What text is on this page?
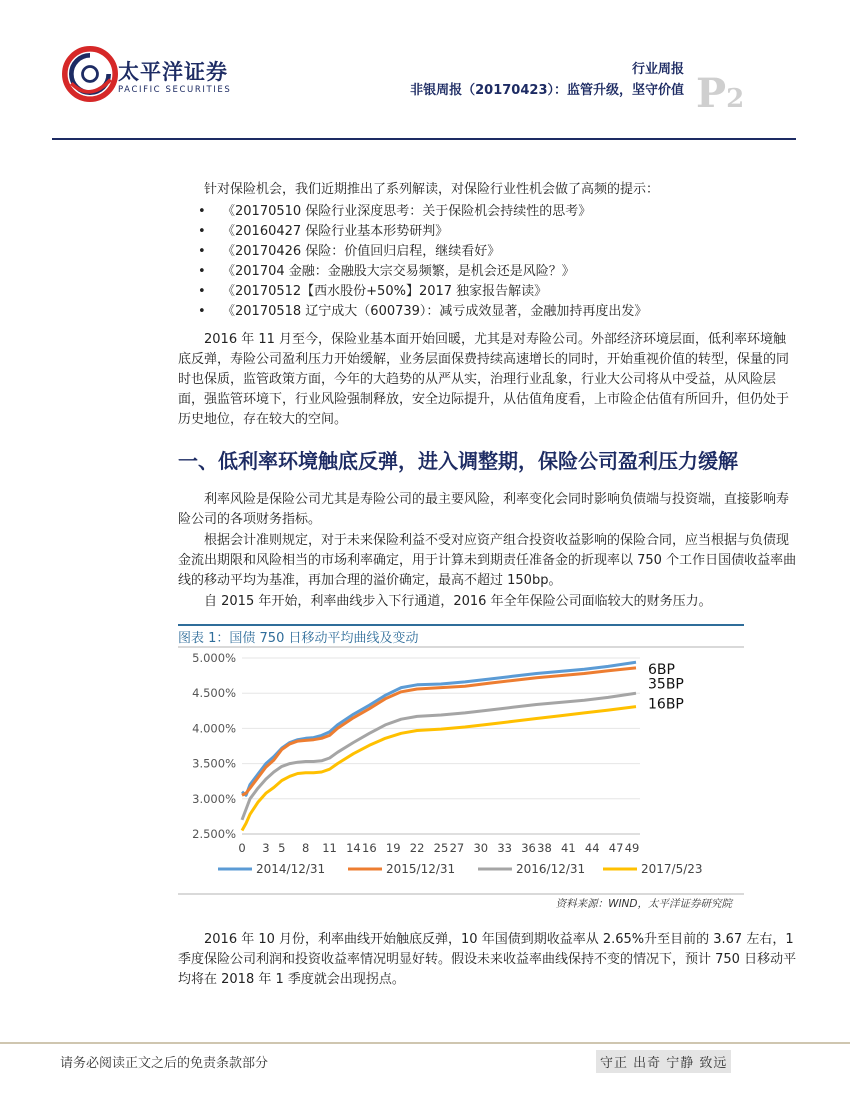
太平洋证券
PACIFIC SECURITIES
行业周报
非银周报（20170423）：监管升级，坚守价值 P2

针对保险机会，我们近期推出了系列解读，对保险行业性机会做了高频的提示：

• 《20170510 保险行业深度思考：关于保险机会持续性的思考》
• 《20160427 保险行业基本形势研判》
• 《20170426 保险：价值回归启程，继续看好》
• 《201704 金融：金融股大宗交易频繁，是机会还是风险？》
• 《20170512【西水股份+50%】2017 独家报告解读》
• 《20170518 辽宁成大（600739）：减亏成效显著，金融加持再度出发》

2016 年 11 月至今，保险业基本面开始回暖，尤其是对寿险公司。外部经济环境层面，低利率环境触底反弹，寿险公司盈利压力开始缓解，业务层面保费持续高速增长的同时，开始重视价值的转型，保量的同时也保质，监管政策方面，今年的大趋势的从严从实，治理行业乱象，行业大公司将从中受益，从风险层面，强监管环境下，行业风险强制释放，安全边际提升，从估值角度看，上市险企估值有所回升，但仍处于历史地位，存在较大的空间。

一、低利率环境触底反弹，进入调整期，保险公司盈利压力缓解

利率风险是保险公司尤其是寿险公司的最主要风险，利率变化会同时影响负债端与投资端，直接影响寿险公司的各项财务指标。

根据会计准则规定，对于未来保险利益不受对应资产组合投资收益影响的保险合同，应当根据与负债现金流出期限和风险相当的市场利率确定，用于计算未到期责任准备金的折现率以 750 个工作日国债收益率曲线的移动平均为基准，再加合理的溢价确定，最高不超过 150bp。

自 2015 年开始，利率曲线步入下行通道，2016 年全年保险公司面临较大的财务压力。

图表 1：国债 750 日移动平均曲线及变动
2.500%
3.000%
3.500%
4.000%
4.500%
5.000%
0 3 5 8 11 14 16 19 22 25 27 30 33 36 38 41 44 47 49
6BP
35BP
16BP
2014/12/31	2015/12/31	2016/12/31	2017/5/23
资料来源：WIND，太平洋证券研究院

2016 年 10 月份，利率曲线开始触底反弹，10 年国债到期收益率从 2.65%升至目前的 3.67 左右，1 季度保险公司利润和投资收益率情况明显好转。假设未来收益率曲线保持不变的情况下，预计 750 日移动平均将在 2018 年 1 季度就会出现拐点。

请务必阅读正文之后的免责条款部分	守正 出奇 宁静 致远
